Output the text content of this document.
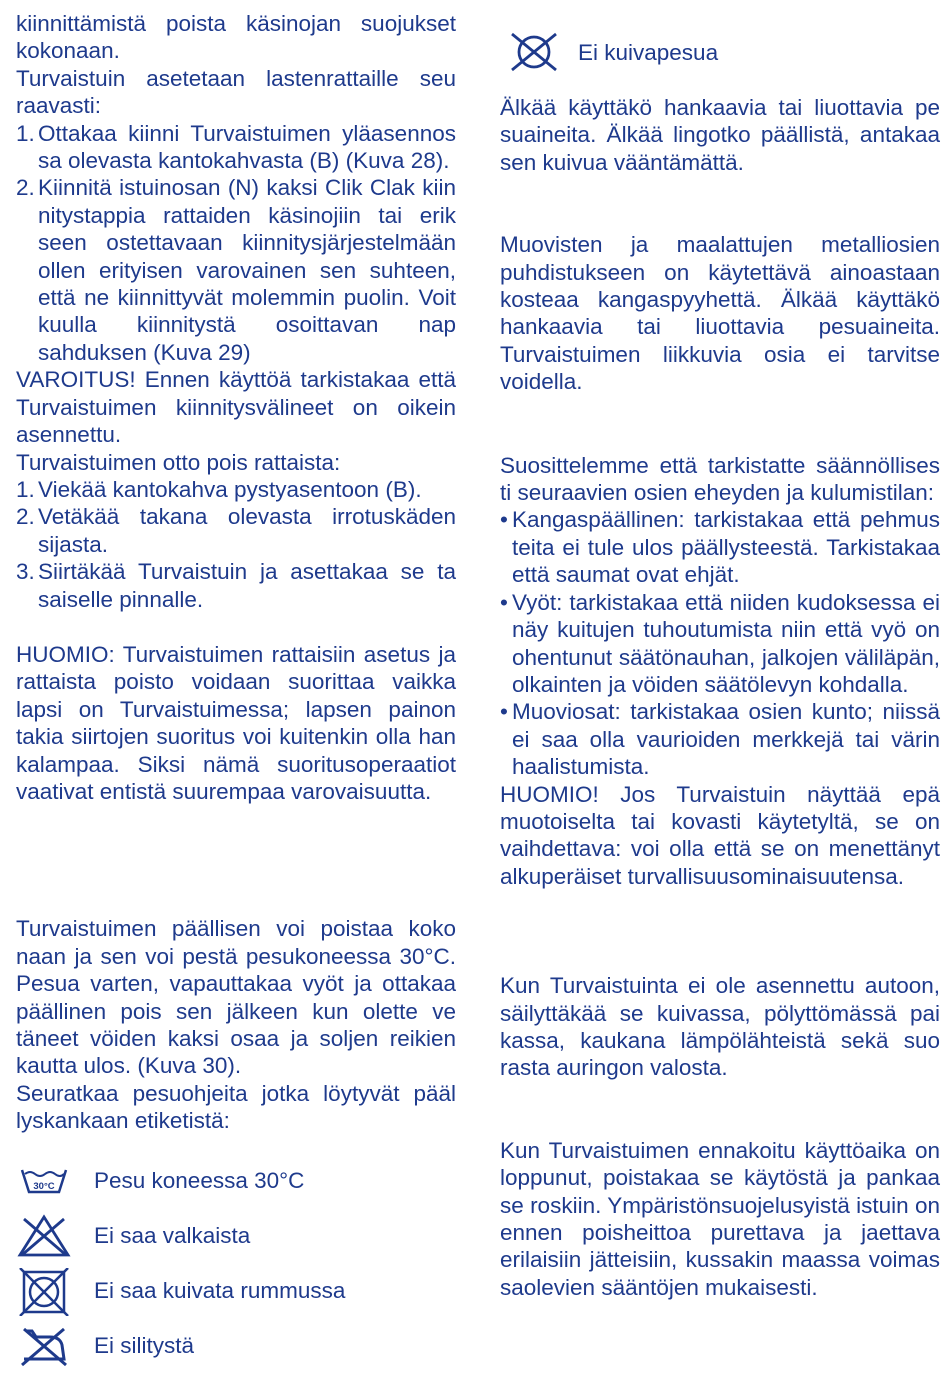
kiinnittämistä poista käsinojan suojukset kokonaan.

Turvaistuin asetetaan lastenrattaille seu raavasti:

1. Ottakaa kiinni Turvaistuimen yläasennos sa olevasta kantokahvasta (B) (Kuva 28).
2. Kiinnitä istuinosan (N) kaksi Clik Clak kiin nitystappia rattaiden käsinojiin tai erik seen ostettavaan kiinnitysjärjestelmään ollen erityisen varovainen sen suhteen, että ne kiinnittyvät molemmin puolin. Voit kuulla kiinnitystä osoittavan nap sahduksen (Kuva 29)

VAROITUS! Ennen käyttöä tarkistakaa että Turvaistuimen kiinnitysvälineet on oikein asennettu.

Turvaistuimen otto pois rattaista:

1. Viekää kantokahva pystyasentoon (B).
2. Vetäkää takana olevasta irrotuskäden sijasta.
3. Siirtäkää Turvaistuin ja asettakaa se ta saiselle pinnalle.

HUOMIO: Turvaistuimen rattaisiin asetus ja rattaista poisto voidaan suorittaa vaikka lapsi on Turvaistuimessa; lapsen painon takia siirtojen suoritus voi kuitenkin olla han kalampaa. Siksi nämä suoritusoperaatiot vaativat entistä suurempaa varovaisuutta.

Turvaistuimen päällisen voi poistaa koko naan ja sen voi pestä pesukoneessa 30°C. Pesua varten, vapauttakaa vyöt ja ottakaa päällinen pois sen jälkeen kun olette ve täneet vöiden kaksi osaa ja soljen reikien kautta ulos. (Kuva 30).

Seuratkaa pesuohjeita jotka löytyvät pääl lyskankaan etiketistä:

30°C Pesu koneessa 30°C
Ei saa valkaista
Ei saa kuivata rummussa
Ei silitystä
Ei kuivapesua

Älkää käyttäkö hankaavia tai liuottavia pe suaineita. Älkää lingotko päällistä, antakaa sen kuivua vääntämättä.

Muovisten ja maalattujen metalliosien puhdistukseen on käytettävä ainoastaan kosteaa kangaspyyhettä. Älkää käyttäkö hankaavia tai liuottavia pesuaineita. Turvaistuimen liikkuvia osia ei tarvitse voidella.

Suosittelemme että tarkistatte säännöllises ti seuraavien osien eheyden ja kulumistilan:

• Kangaspäällinen: tarkistakaa että pehmus teita ei tule ulos päällysteestä. Tarkistakaa että saumat ovat ehjät.
• Vyöt: tarkistakaa että niiden kudoksessa ei näy kuitujen tuhoutumista niin että vyö on ohentunut säätönauhan, jalkojen väliläpän, olkainten ja vöiden säätölevyn kohdalla.
• Muoviosat: tarkistakaa osien kunto; niissä ei saa olla vaurioiden merkkejä tai värin haalistumista.

HUOMIO! Jos Turvaistuin näyttää epä muotoiselta tai kovasti käytetyltä, se on vaihdettava: voi olla että se on menettänyt alkuperäiset turvallisuusominaisuutensa.

Kun Turvaistuinta ei ole asennettu autoon, säilyttäkää se kuivassa, pölyttömässä pai kassa, kaukana lämpölähteistä sekä suo rasta auringon valosta.

Kun Turvaistuimen ennakoitu käyttöaika on loppunut, poistakaa se käytöstä ja pankaa se roskiin. Ympäristönsuojelusyistä istuin on ennen poisheittoa purettava ja jaettava erilaisiin jätteisiin, kussakin maassa voimas saolevien sääntöjen mukaisesti.
